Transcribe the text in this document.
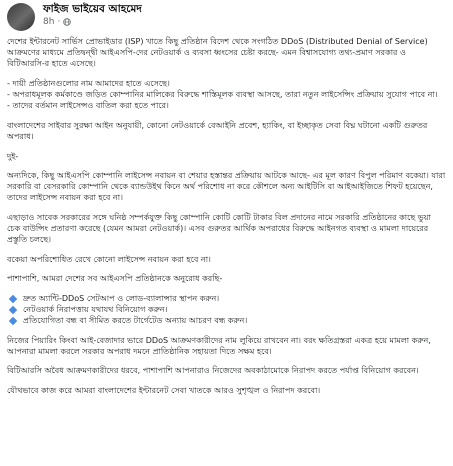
ফাইজ ভাইয়েব আহমেদ
8h ·

দেশের ইন্টারনেট সার্ভিস প্রোভাইডার (ISP) খাতে কিছু প্রতিষ্ঠান বিদেশ থেকে সংগঠিত DDoS (Distributed Denial of Service) আক্রমণের মাধ্যমে প্রতিদ্বন্দ্বী আইএসপি-দের নেটওয়ার্ক ও ব্যবসা ধ্বংসের চেষ্টা করছে- এমন বিশ্বাসযোগ্য তথ্য-প্রমাণ সরকার ও বিটিআরসি-র হাতে এসেছে।

- দায়ী প্রতিষ্ঠানগুলোর নাম আমাদের হাতে এসেছে।

- অপরাধমূলক কর্মকাণ্ডে জড়িত কোম্পানির মালিকের বিরুদ্ধে শাস্তিমূলক ব্যবস্থা আসছে, তারা নতুন লাইসেন্সিং প্রক্রিয়ায় সুযোগ পাবে না।

- তাদের বর্তমান লাইসেন্সও বাতিল করা হতে পারে।

বাংলাদেশের সাইবার সুরক্ষা আইন অনুযায়ী, কোনো নেটওয়ার্কে বেআইনি প্রবেশ, হ্যাকিং, বা ইচ্ছাকৃত সেবা বিঘ্ন ঘটানো একটি গুরুতর অপরাধ।

দুই-

অন্যদিকে, কিছু আইএসপি কোম্পানি লাইসেন্স নবায়ন বা শেয়ার হস্তান্তর প্রক্রিয়ায় আটকে আছে- এর মূল কারণ বিপুল পরিমাণ বকেয়া। যারা সরকারি বা বেসরকারি কোম্পানি থেকে ব্যান্ডউইথ কিনে অর্থ পরিশোধ না করে কৌশলে অন্য আইটিসি বা আইআইজিতে শিফট হয়েছেন, তাদের লাইসেন্স নবায়ন করা হবে না।

এছাড়াও সাবেক সরকারের সঙ্গে ঘনিষ্ঠ সম্পর্কযুক্ত কিছু কোম্পানি কোটি কোটি টাকার বিল প্রদানের নামে সরকারি প্রতিষ্ঠানের কাছে ভুয়া চেক বাউন্সিং প্রতারণা করেছে (যেমন আমরা নেটওয়ার্ক)। এসব গুরুতর আর্থিক অপরাধের বিরুদ্ধে আইনগত ব্যবস্থা ও মামলা দায়েরের প্রস্তুতি চলছে।

বকেয়া অপরিশোধিত রেখে কোনো লাইসেন্স নবায়ন করা হবে না।

পাশাপাশি, আমরা দেশের সব আইএসপি প্রতিষ্ঠানকে অনুরোধ করছি-

দ্রুত অ্যান্টি-DDoS সেটআপ ও লোড-ব্যালান্সার স্থাপন করুন।
নেটওয়ার্ক নিরাপত্তায় যথাযথ বিনিয়োগ করুন।
প্রতিযোগিতা বন্ধ বা সীমিত করতে টার্গেটেড অন্যায় আচরণ বন্ধ করুন।

নিজের পিয়ারিং কিংবা আই-বেজাদার ভারে DDoS আক্রমণকারীদের নাম লুকিয়ে রাখবেন না। বরং ক্ষতিগ্রস্তরা একত্র হয়ে মামলা করুন, আপনারা মামলা করলে সরকার অপরাধ দমনে প্রাতিষ্ঠানিক সহায়তা দিতে সক্ষম হবে।

বিটিআরসি অবৈধ আক্রমণকারীদের ধরবে, পাশাপাশি আপনারাও নিজেদের অবকাঠামোকে নিরাপদ করতে পর্যাপ্ত বিনিয়োগ করবেন।

যৌথভাবে কাজ করে আমরা বাংলাদেশের ইন্টারনেট সেবা খাতকে আরও সুশৃঙ্খল ও নিরাপদ করবো।
